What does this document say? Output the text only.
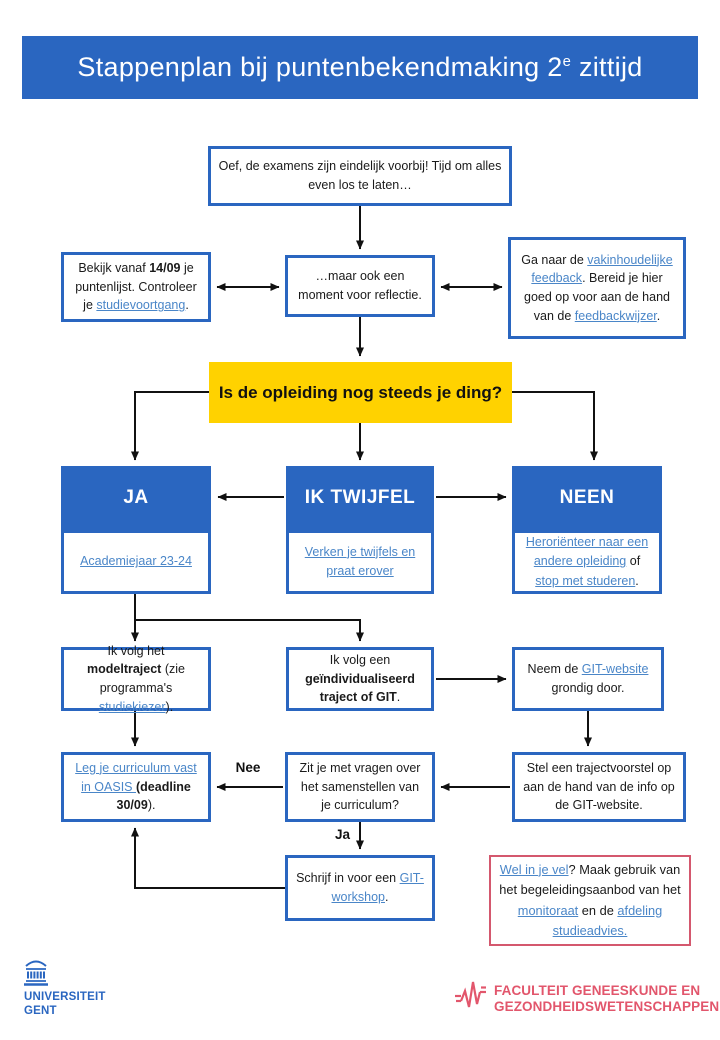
Stappenplan bij puntenbekendmaking 2e zittijd
Oef, de examens zijn eindelijk voorbij! Tijd om alles even los te laten…
Bekijk vanaf 14/09 je puntenlijst. Controleer je studievoortgang.
…maar ook een moment voor reflectie.
Ga naar de vakinhoudelijke feedback. Bereid je hier goed op voor aan de hand van de feedbackwijzer.
Is de opleiding nog steeds je ding?
JA
Academiejaar 23-24
IK TWIJFEL
Verken je twijfels en praat erover
NEEN
Heroriënteer naar een andere opleiding of stop met studeren.
Ik volg het modeltraject (zie programma's studiekiezer).
Ik volg een geïndividualiseerd traject of GIT.
Neem de GIT-website grondig door.
Leg je curriculum vast in OASIS (deadline 30/09).
Zit je met vragen over het samenstellen van je curriculum?
Stel een trajectvoorstel op aan de hand van de info op de GIT-website.
Nee
Ja
Schrijf in voor een GIT-workshop.
Wel in je vel? Maak gebruik van het begeleidingsaanbod van het monitoraat en de afdeling studieadvies.
UNIVERSITEIT
GENT
FACULTEIT GENEESKUNDE EN
GEZONDHEIDSWETENSCHAPPEN
